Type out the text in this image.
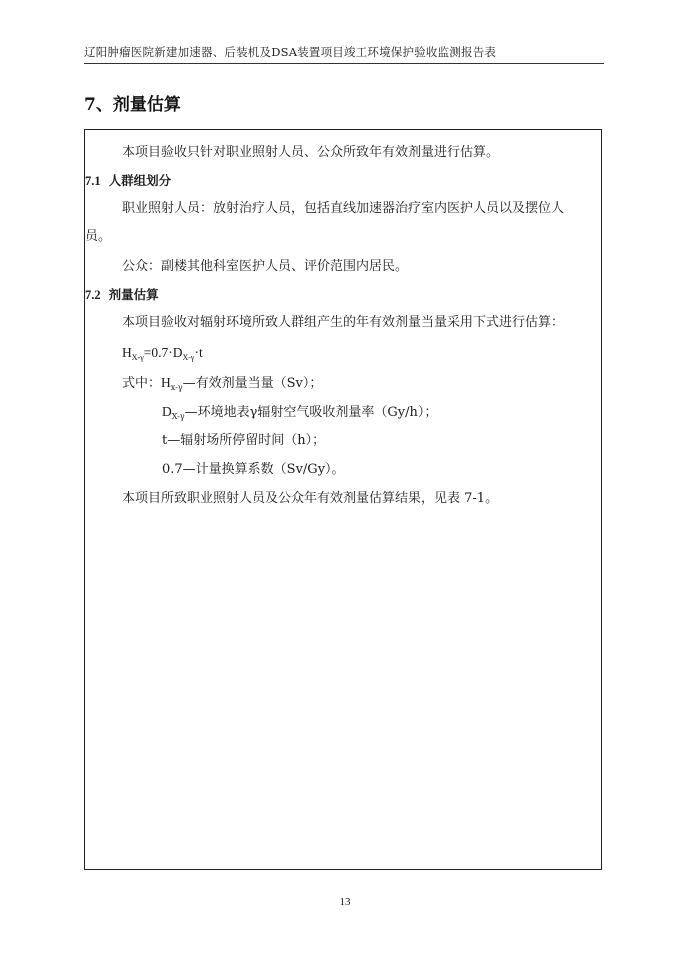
辽阳肿瘤医院新建加速器、后装机及DSA装置项目竣工环境保护验收监测报告表
7、剂量估算
本项目验收只针对职业照射人员、公众所致年有效剂量进行估算。
7.1 人群组划分
职业照射人员：放射治疗人员，包括直线加速器治疗室内医护人员以及摆位人
员。
公众：副楼其他科室医护人员、评价范围内居民。
7.2 剂量估算
本项目验收对辐射环境所致人群组产生的年有效剂量当量采用下式进行估算：
$H_{X-\gamma}=0.7\cdot D_{X-\gamma}\cdot t$
式中：$H_{x-\gamma}—$有效剂量当量（Sv）；
$D_{X-\gamma}—$环境地表γ辐射空气吸收剂量率（Gy/h）；
t—辐射场所停留时间（h）；
0.7—计量换算系数（Sv/Gy）。
本项目所致职业照射人员及公众年有效剂量估算结果，见表 7-1。
13
